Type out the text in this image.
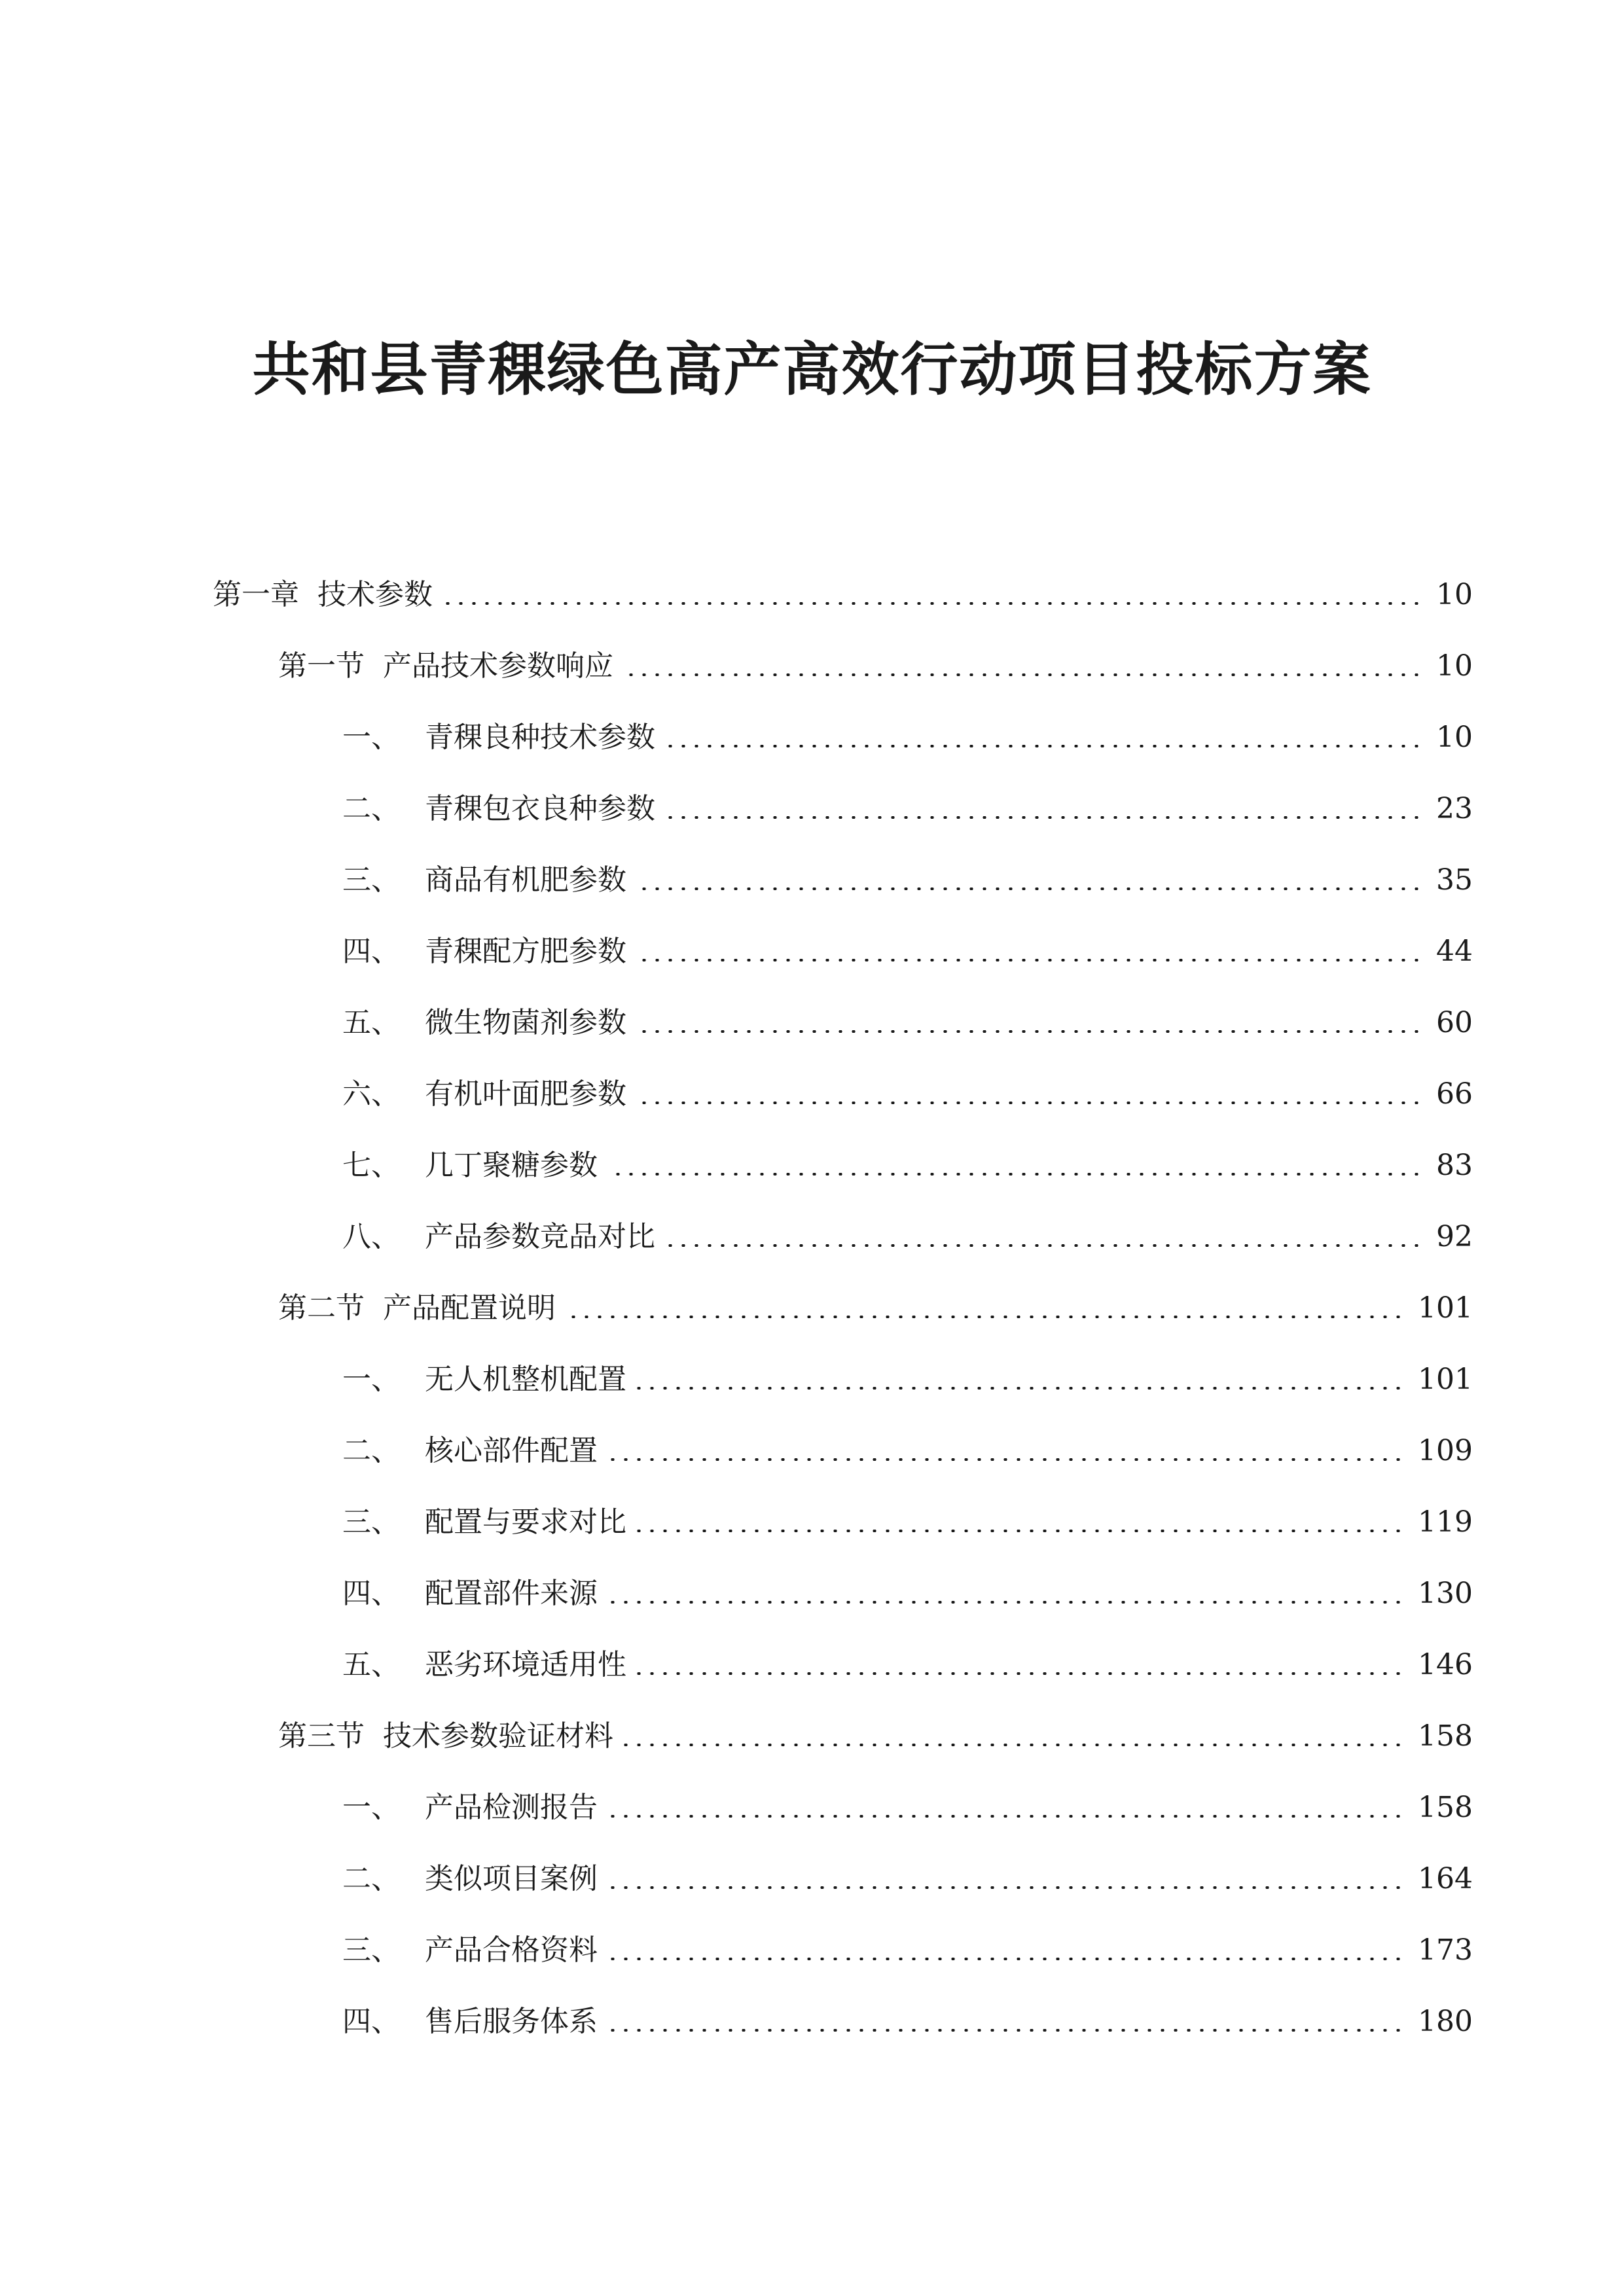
共和县青稞绿色高产高效行动项目投标方案
第一章 技术参数	10
第一节 产品技术参数响应	10
一、 青稞良种技术参数	10
二、 青稞包衣良种参数	23
三、 商品有机肥参数	35
四、 青稞配方肥参数	44
五、 微生物菌剂参数	60
六、 有机叶面肥参数	66
七、 几丁聚糖参数	83
八、 产品参数竞品对比	92
第二节 产品配置说明	101
一、 无人机整机配置	101
二、 核心部件配置	109
三、 配置与要求对比	119
四、 配置部件来源	130
五、 恶劣环境适用性	146
第三节 技术参数验证材料	158
一、 产品检测报告	158
二、 类似项目案例	164
三、 产品合格资料	173
四、 售后服务体系	180
